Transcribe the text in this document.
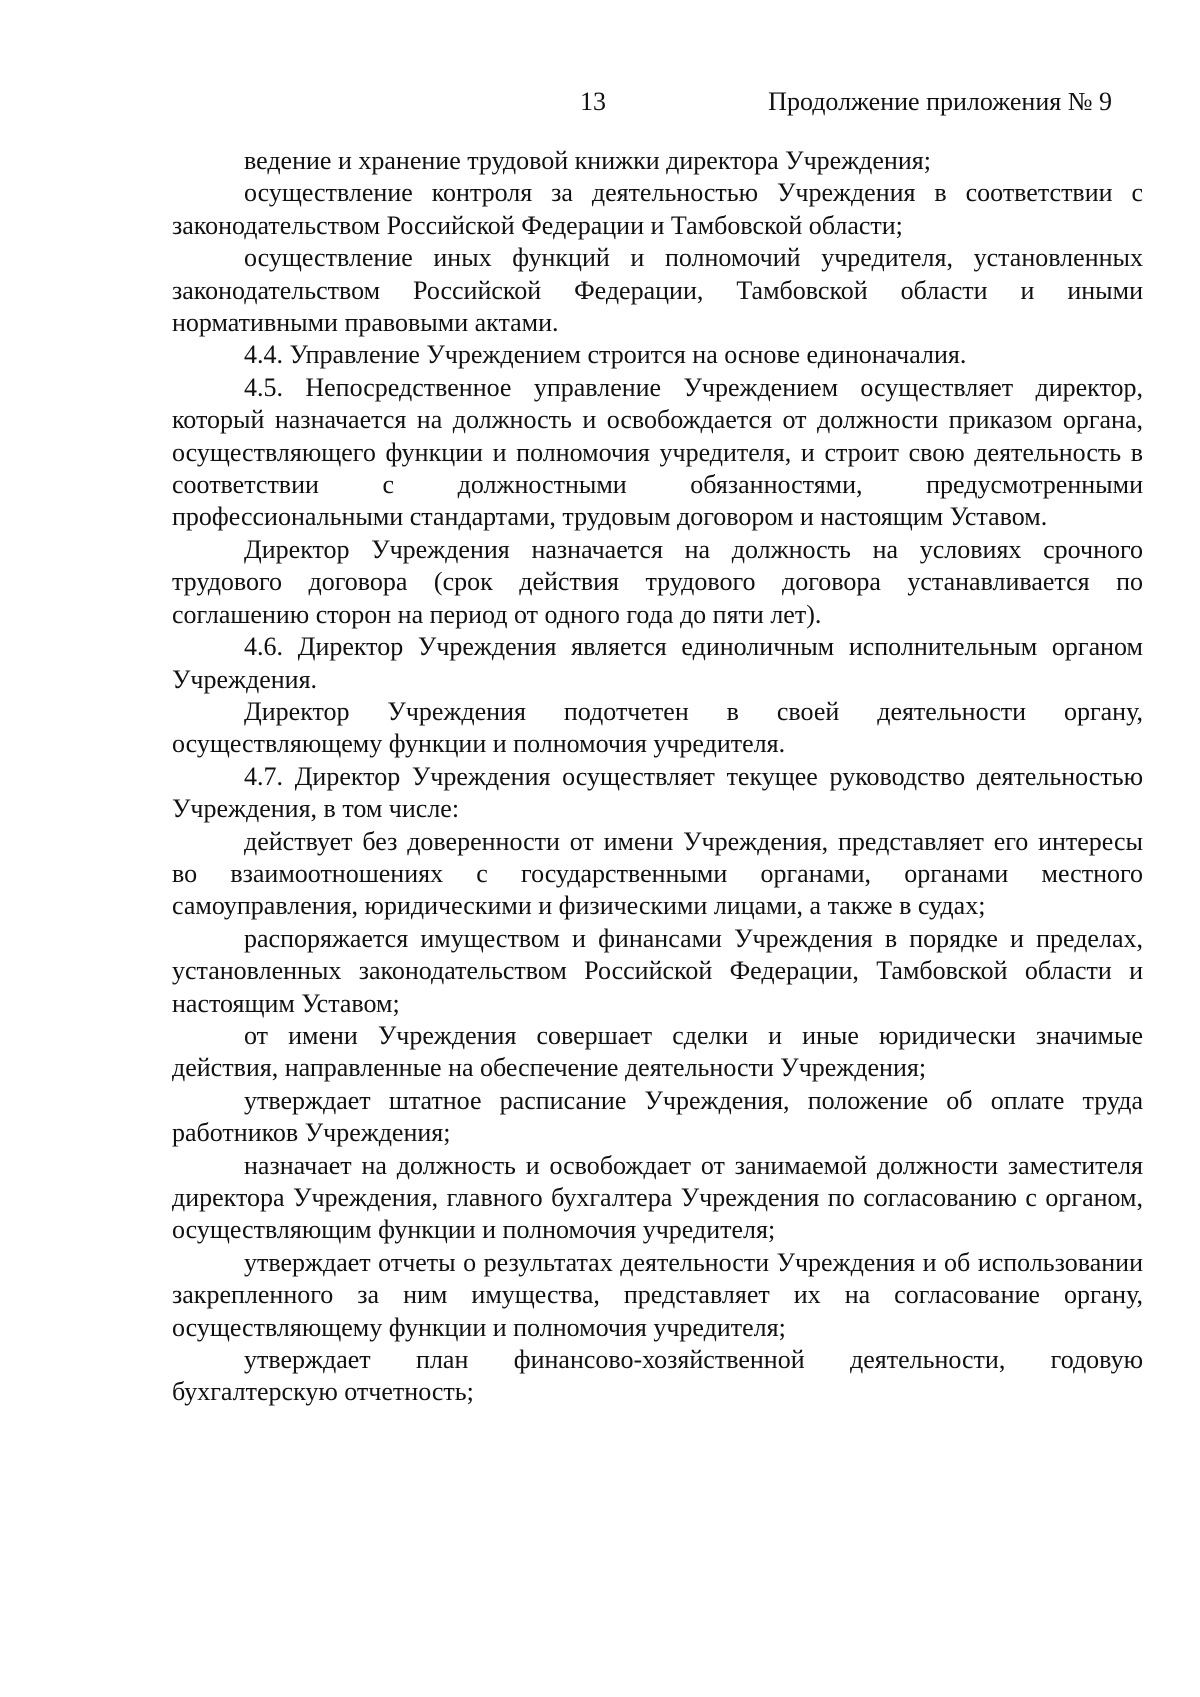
13	Продолжение приложения № 9

ведение и хранение трудовой книжки директора Учреждения;

осуществление контроля за деятельностью Учреждения в соответствии с законодательством Российской Федерации и Тамбовской области;

осуществление иных функций и полномочий учредителя, установленных законодательством Российской Федерации, Тамбовской области и иными нормативными правовыми актами.

4.4. Управление Учреждением строится на основе единоначалия.

4.5. Непосредственное управление Учреждением осуществляет директор, который назначается на должность и освобождается от должности приказом органа, осуществляющего функции и полномочия учредителя, и строит свою деятельность в соответствии с должностными обязанностями, предусмотренными профессиональными стандартами, трудовым договором и настоящим Уставом.

Директор Учреждения назначается на должность на условиях срочного трудового договора (срок действия трудового договора устанавливается по соглашению сторон на период от одного года до пяти лет).

4.6. Директор Учреждения является единоличным исполнительным органом Учреждения.

Директор Учреждения подотчетен в своей деятельности органу, осуществляющему функции и полномочия учредителя.

4.7. Директор Учреждения осуществляет текущее руководство деятельностью Учреждения, в том числе:

действует без доверенности от имени Учреждения, представляет его интересы во взаимоотношениях с государственными органами, органами местного самоуправления, юридическими и физическими лицами, а также в судах;

распоряжается имуществом и финансами Учреждения в порядке и пределах, установленных законодательством Российской Федерации, Тамбовской области и настоящим Уставом;

от имени Учреждения совершает сделки и иные юридически значимые действия, направленные на обеспечение деятельности Учреждения;

утверждает штатное расписание Учреждения, положение об оплате труда работников Учреждения;

назначает на должность и освобождает от занимаемой должности заместителя директора Учреждения, главного бухгалтера Учреждения по согласованию с органом, осуществляющим функции и полномочия учредителя;

утверждает отчеты о результатах деятельности Учреждения и об использовании закрепленного за ним имущества, представляет их на согласование органу, осуществляющему функции и полномочия учредителя;

утверждает план финансово-хозяйственной деятельности, годовую бухгалтерскую отчетность;
